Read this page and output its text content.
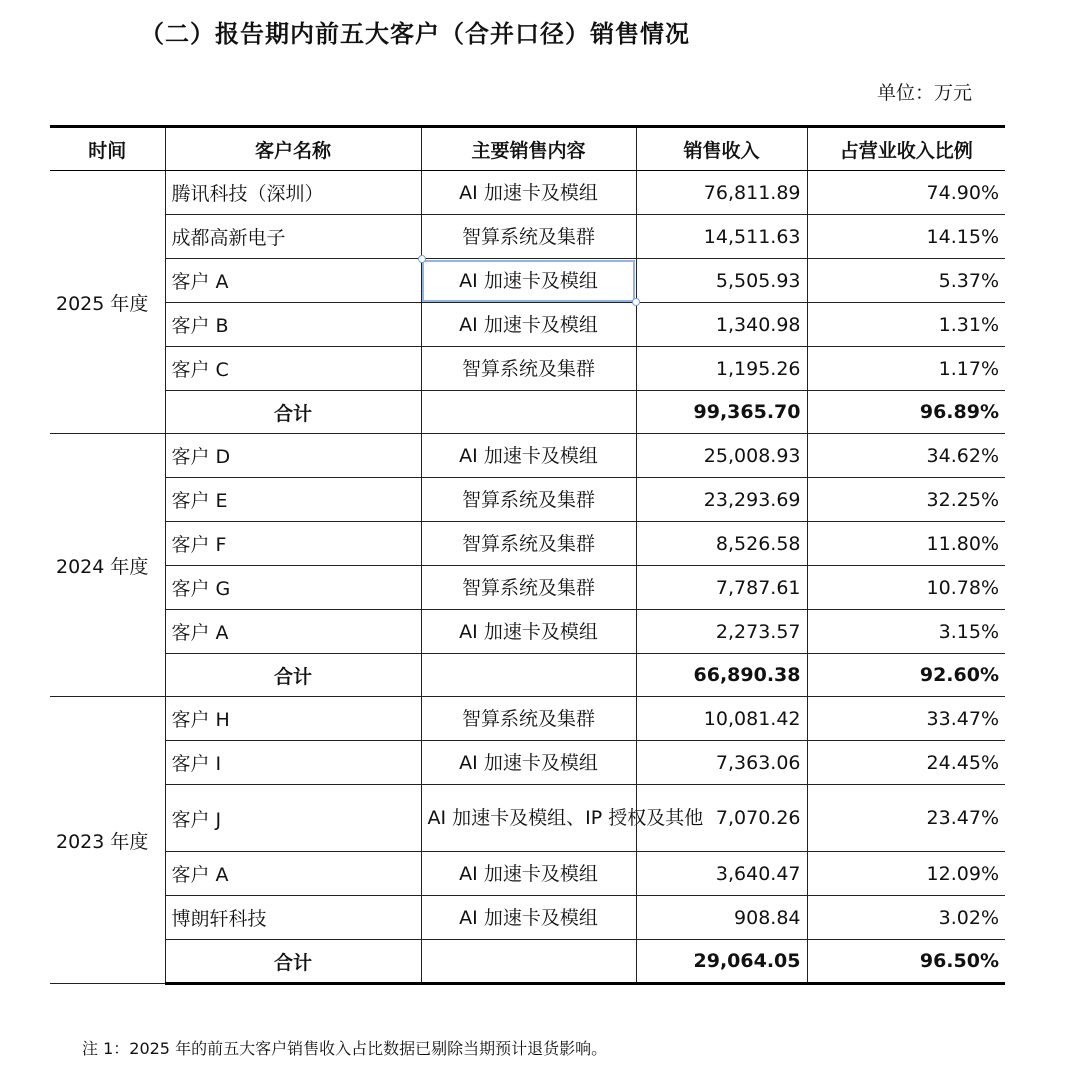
（二）报告期内前五大客户（合并口径）销售情况
单位：万元
时间	客户名称	主要销售内容	销售收入	占营业收入比例
2025 年度	腾讯科技（深圳）	AI 加速卡及模组	76,811.89	74.90%
	成都高新电子	智算系统及集群	14,511.63	14.15%
	客户 A	AI 加速卡及模组	5,505.93	5.37%
	客户 B	AI 加速卡及模组	1,340.98	1.31%
	客户 C	智算系统及集群	1,195.26	1.17%
	合计		99,365.70	96.89%
2024 年度	客户 D	AI 加速卡及模组	25,008.93	34.62%
	客户 E	智算系统及集群	23,293.69	32.25%
	客户 F	智算系统及集群	8,526.58	11.80%
	客户 G	智算系统及集群	7,787.61	10.78%
	客户 A	AI 加速卡及模组	2,273.57	3.15%
	合计		66,890.38	92.60%
2023 年度	客户 H	智算系统及集群	10,081.42	33.47%
	客户 I	AI 加速卡及模组	7,363.06	24.45%
	客户 J	AI 加速卡及模组、IP 授权及其他	7,070.26	23.47%
	客户 A	AI 加速卡及模组	3,640.47	12.09%
	博朗轩科技	AI 加速卡及模组	908.84	3.02%
	合计		29,064.05	96.50%
注 1：2025 年的前五大客户销售收入占比数据已剔除当期预计退货影响。
